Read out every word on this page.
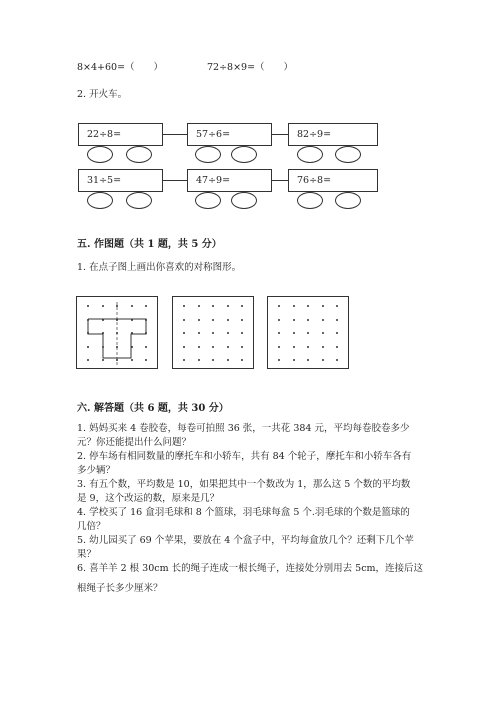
8×4+60=（　　）	72÷8×9=（　　）
2. 开火车。
22÷8=	57÷6=	82÷9=
31÷5=	47÷9=	76÷8=
五. 作图题（共 1 题，共 5 分）
1. 在点子图上画出你喜欢的对称图形。
六. 解答题（共 6 题，共 30 分）
1. 妈妈买来 4 卷胶卷，每卷可拍照 36 张，一共花 384 元，平均每卷胶卷多少
元？你还能提出什么问题？
2. 停车场有相同数量的摩托车和小轿车，共有 84 个轮子，摩托车和小轿车各有
多少辆？
3. 有五个数，平均数是 10，如果把其中一个数改为 1，那么这 5 个数的平均数
是 9，这个改运的数，原来是几？
4. 学校买了 16 盒羽毛球和 8 个篮球，羽毛球每盒 5 个.羽毛球的个数是篮球的
几倍？
5. 幼儿园买了 69 个苹果，要放在 4 个盒子中，平均每盒放几个？还剩下几个苹
果？
6. 喜羊羊 2 根 30cm 长的绳子连成一根长绳子，连接处分别用去 5cm，连接后这
根绳子长多少厘米？
